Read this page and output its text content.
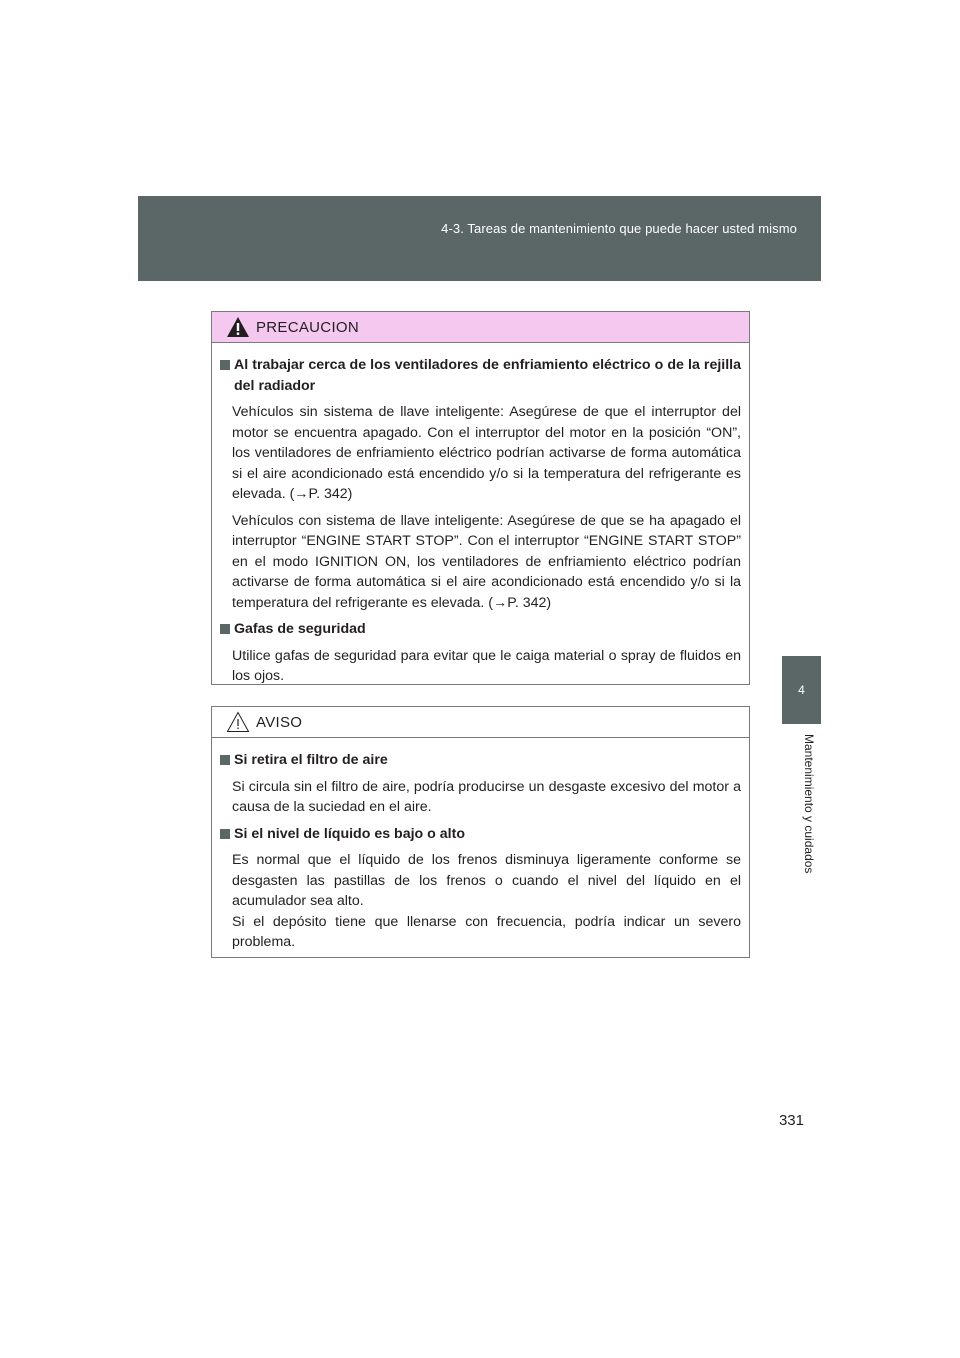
4-3. Tareas de mantenimiento que puede hacer usted mismo
4
Mantenimiento y cuidados
PRECAUCION
Al trabajar cerca de los ventiladores de enfriamiento eléctrico o de la rejilla del radiador
Vehículos sin sistema de llave inteligente: Asegúrese de que el interruptor del motor se encuentra apagado. Con el interruptor del motor en la posición “ON”, los ventiladores de enfriamiento eléctrico podrían activarse de forma automática si el aire acondicionado está encendido y/o si la temperatura del refrigerante es elevada. (→P. 342)
Vehículos con sistema de llave inteligente: Asegúrese de que se ha apagado el interruptor “ENGINE START STOP”. Con el interruptor “ENGINE START STOP” en el modo IGNITION ON, los ventiladores de enfriamiento eléctrico podrían activarse de forma automática si el aire acondicionado está encendido y/o si la temperatura del refrigerante es elevada. (→P. 342)
Gafas de seguridad
Utilice gafas de seguridad para evitar que le caiga material o spray de fluidos en los ojos.
AVISO
Si retira el filtro de aire
Si circula sin el filtro de aire, podría producirse un desgaste excesivo del motor a causa de la suciedad en el aire.
Si el nivel de líquido es bajo o alto
Es normal que el líquido de los frenos disminuya ligeramente conforme se desgasten las pastillas de los frenos o cuando el nivel del líquido en el acumulador sea alto.
Si el depósito tiene que llenarse con frecuencia, podría indicar un severo problema.
331
